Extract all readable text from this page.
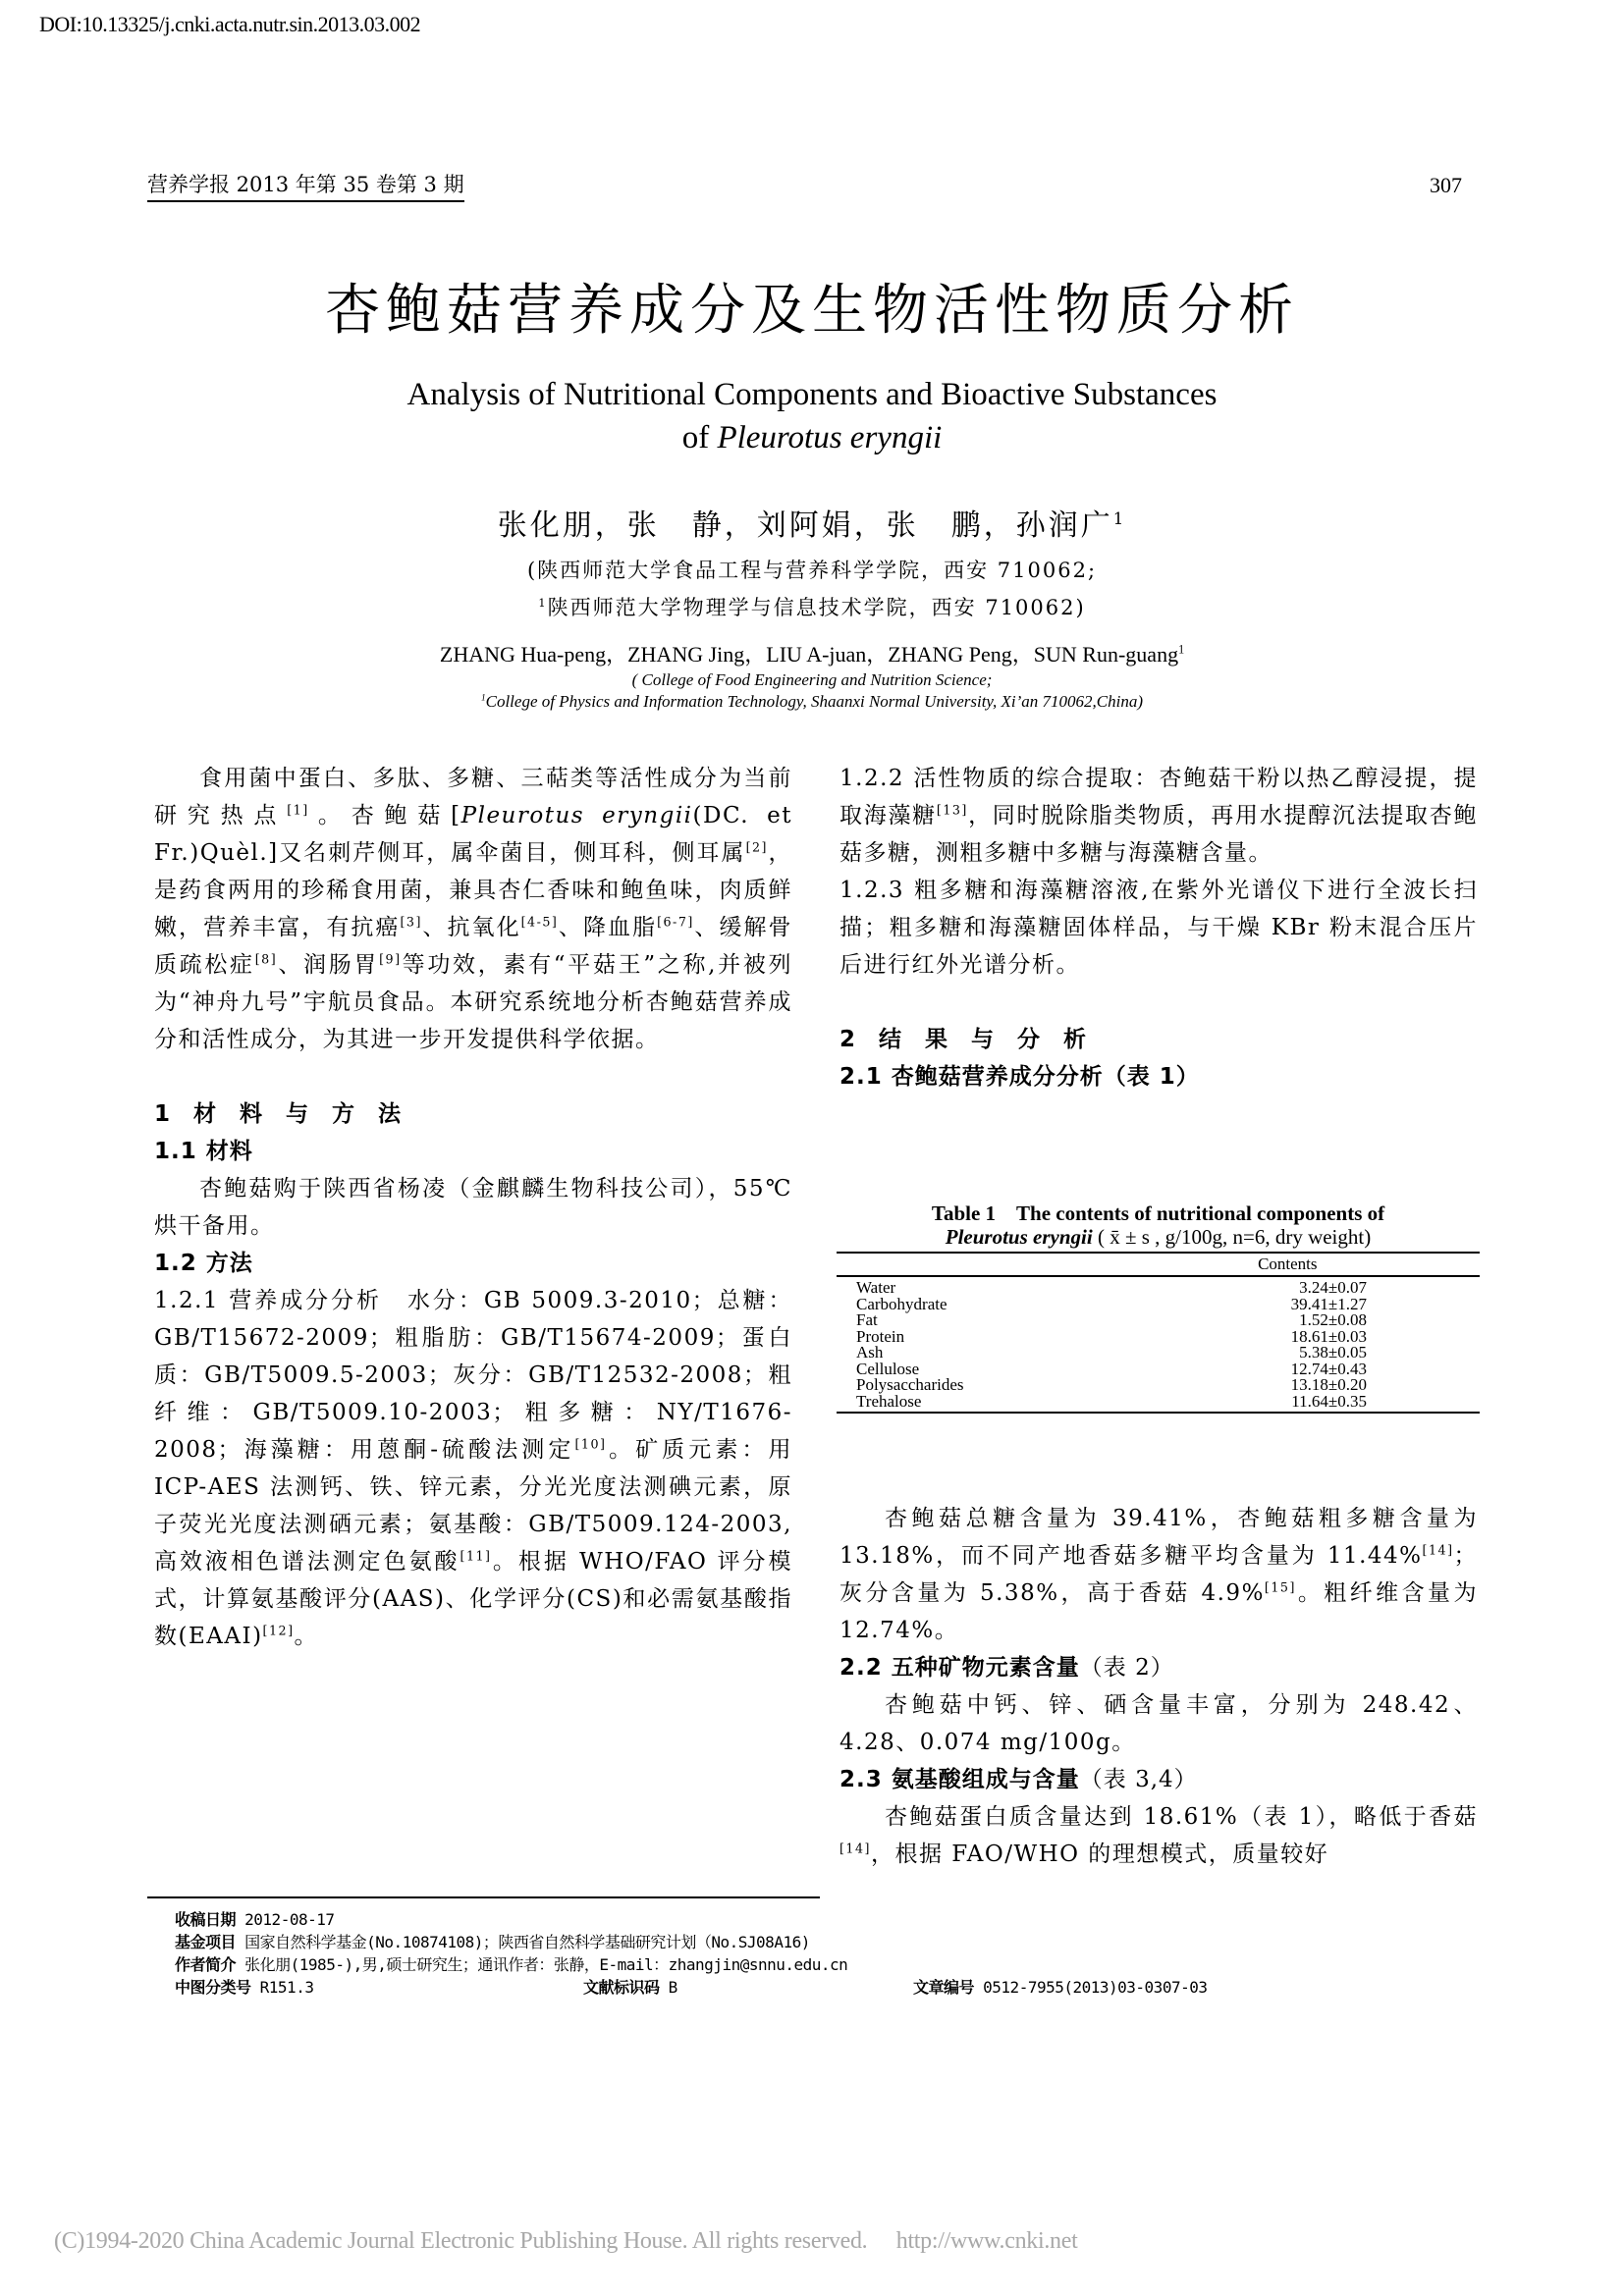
DOI:10.13325/j.cnki.acta.nutr.sin.2013.03.002
营养学报 2013 年第 35 卷第 3 期	307
杏鲍菇营养成分及生物活性物质分析
Analysis of Nutritional Components and Bioactive Substances
of Pleurotus eryngii
张化朋，张　静，刘阿娟，张　鹏，孙润广$^1$
(陕西师范大学食品工程与营养科学学院，西安 710062;
$^1$陕西师范大学物理学与信息技术学院，西安 710062)
ZHANG Hua-peng，ZHANG Jing，LIU A-juan，ZHANG Peng，SUN Run-guang$^1$
( College of Food Engineering and Nutrition Science;
$^1$College of Physics and Information Technology, Shaanxi Normal University, Xi’an 710062,China)

食用菌中蛋白、多肽、多糖、三萜类等活性成分为当前研究热点[1]。杏鲍菇[Pleurotus eryngii(DC. et Fr.)Quèl.]又名刺芹侧耳，属伞菌目，侧耳科，侧耳属[2]，是药食两用的珍稀食用菌，兼具杏仁香味和鲍鱼味，肉质鲜嫩，营养丰富，有抗癌[3]、抗氧化[4-5]、降血脂[6-7]、缓解骨质疏松症[8]、润肠胃[9]等功效，素有“平菇王”之称,并被列为“神舟九号”宇航员食品。本研究系统地分析杏鲍菇营养成分和活性成分，为其进一步开发提供科学依据。

1 材 料 与 方 法
1.1 材料

杏鲍菇购于陕西省杨凌（金麒麟生物科技公司），55℃烘干备用。

1.2 方法

1.2.1 营养成分分析　水分：GB 5009.3-2010；总糖：GB/T15672-2009；粗脂肪：GB/T15674-2009；蛋白质：GB/T5009.5-2003；灰分：GB/T12532-2008；粗纤维：GB/T5009.10-2003；粗多糖：NY/T1676-2008；海藻糖：用蒽酮-硫酸法测定[10]。矿质元素：用 ICP-AES 法测钙、铁、锌元素，分光光度法测碘元素，原子荧光光度法测硒元素；氨基酸：GB/T5009.124-2003,高效液相色谱法测定色氨酸[11]。根据 WHO/FAO 评分模式，计算氨基酸评分(AAS)、化学评分(CS)和必需氨基酸指数(EAAI)[12]。

1.2.2 活性物质的综合提取：杏鲍菇干粉以热乙醇浸提，提取海藻糖[13]，同时脱除脂类物质，再用水提醇沉法提取杏鲍菇多糖，测粗多糖中多糖与海藻糖含量。

1.2.3 粗多糖和海藻糖溶液,在紫外光谱仪下进行全波长扫描；粗多糖和海藻糖固体样品，与干燥 KBr 粉末混合压片后进行红外光谱分析。

2 结 果 与 分 析
2.1 杏鲍菇营养成分分析（表 1）
Table 1　The contents of nutritional components of
Pleurotus eryngii ( x̄ ± s , g/100g, n=6, dry weight)
	Contents
Water	3.24±0.07
Carbohydrate	39.41±1.27
Fat	1.52±0.08
Protein	18.61±0.03
Ash	5.38±0.05
Cellulose	12.74±0.43
Polysaccharides	13.18±0.20
Trehalose	11.64±0.35

杏鲍菇总糖含量为 39.41%，杏鲍菇粗多糖含量为 13.18%，而不同产地香菇多糖平均含量为 11.44%[14]；灰分含量为 5.38%，高于香菇 4.9%[15]。粗纤维含量为 12.74%。

2.2 五种矿物元素含量（表 2）

杏鲍菇中钙、锌、硒含量丰富，分别为 248.42、4.28、0.074 mg/100g。

2.3 氨基酸组成与含量（表 3,4）

杏鲍菇蛋白质含量达到 18.61%（表 1），略低于香菇[14]，根据 FAO/WHO 的理想模式，质量较好

收稿日期 2012-08-17
基金项目 国家自然科学基金(No.10874108)；陕西省自然科学基础研究计划（No.SJ08A16)
作者简介 张化朋(1985-),男,硕士研究生；通讯作者：张静，E-mail：zhangjin@snnu.edu.cn
中图分类号 R151.3	文献标识码 B	文章编号 0512-7955(2013)03-0307-03
(C)1994-2020 China Academic Journal Electronic Publishing House. All rights reserved.　 http://www.cnki.net
